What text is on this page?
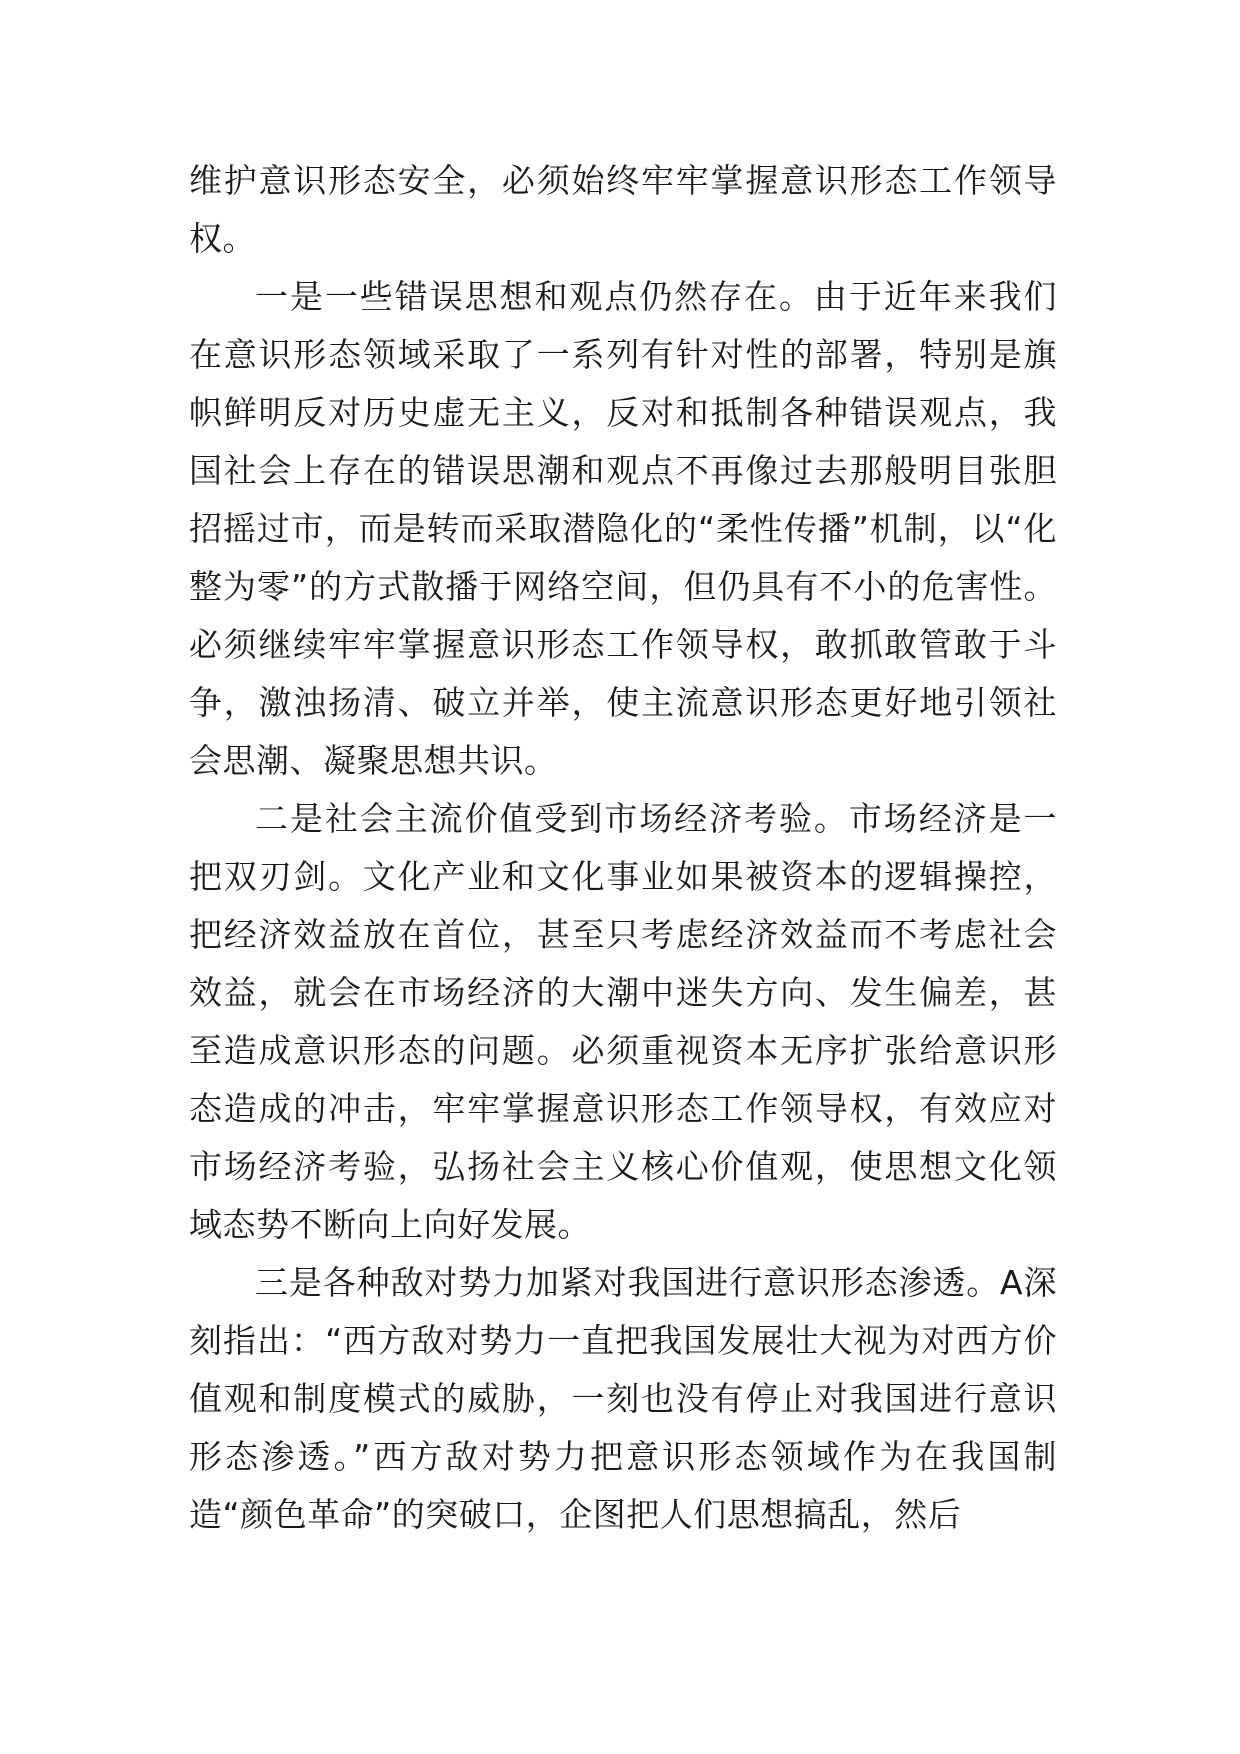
维护意识形态安全，必须始终牢牢掌握意识形态工作领导权。

一是一些错误思想和观点仍然存在。由于近年来我们在意识形态领域采取了一系列有针对性的部署，特别是旗帜鲜明反对历史虚无主义，反对和抵制各种错误观点，我国社会上存在的错误思潮和观点不再像过去那般明目张胆招摇过市，而是转而采取潜隐化的“柔性传播”机制，以“化整为零”的方式散播于网络空间，但仍具有不小的危害性。必须继续牢牢掌握意识形态工作领导权，敢抓敢管敢于斗争，激浊扬清、破立并举，使主流意识形态更好地引领社会思潮、凝聚思想共识。

二是社会主流价值受到市场经济考验。市场经济是一把双刃剑。文化产业和文化事业如果被资本的逻辑操控，把经济效益放在首位，甚至只考虑经济效益而不考虑社会效益，就会在市场经济的大潮中迷失方向、发生偏差，甚至造成意识形态的问题。必须重视资本无序扩张给意识形态造成的冲击，牢牢掌握意识形态工作领导权，有效应对市场经济考验，弘扬社会主义核心价值观，使思想文化领域态势不断向上向好发展。

三是各种敌对势力加紧对我国进行意识形态渗透。A深刻指出：“西方敌对势力一直把我国发展壮大视为对西方价值观和制度模式的威胁，一刻也没有停止对我国进行意识形态渗透。”西方敌对势力把意识形态领域作为在我国制造“颜色革命”的突破口，企图把人们思想搞乱，然后
